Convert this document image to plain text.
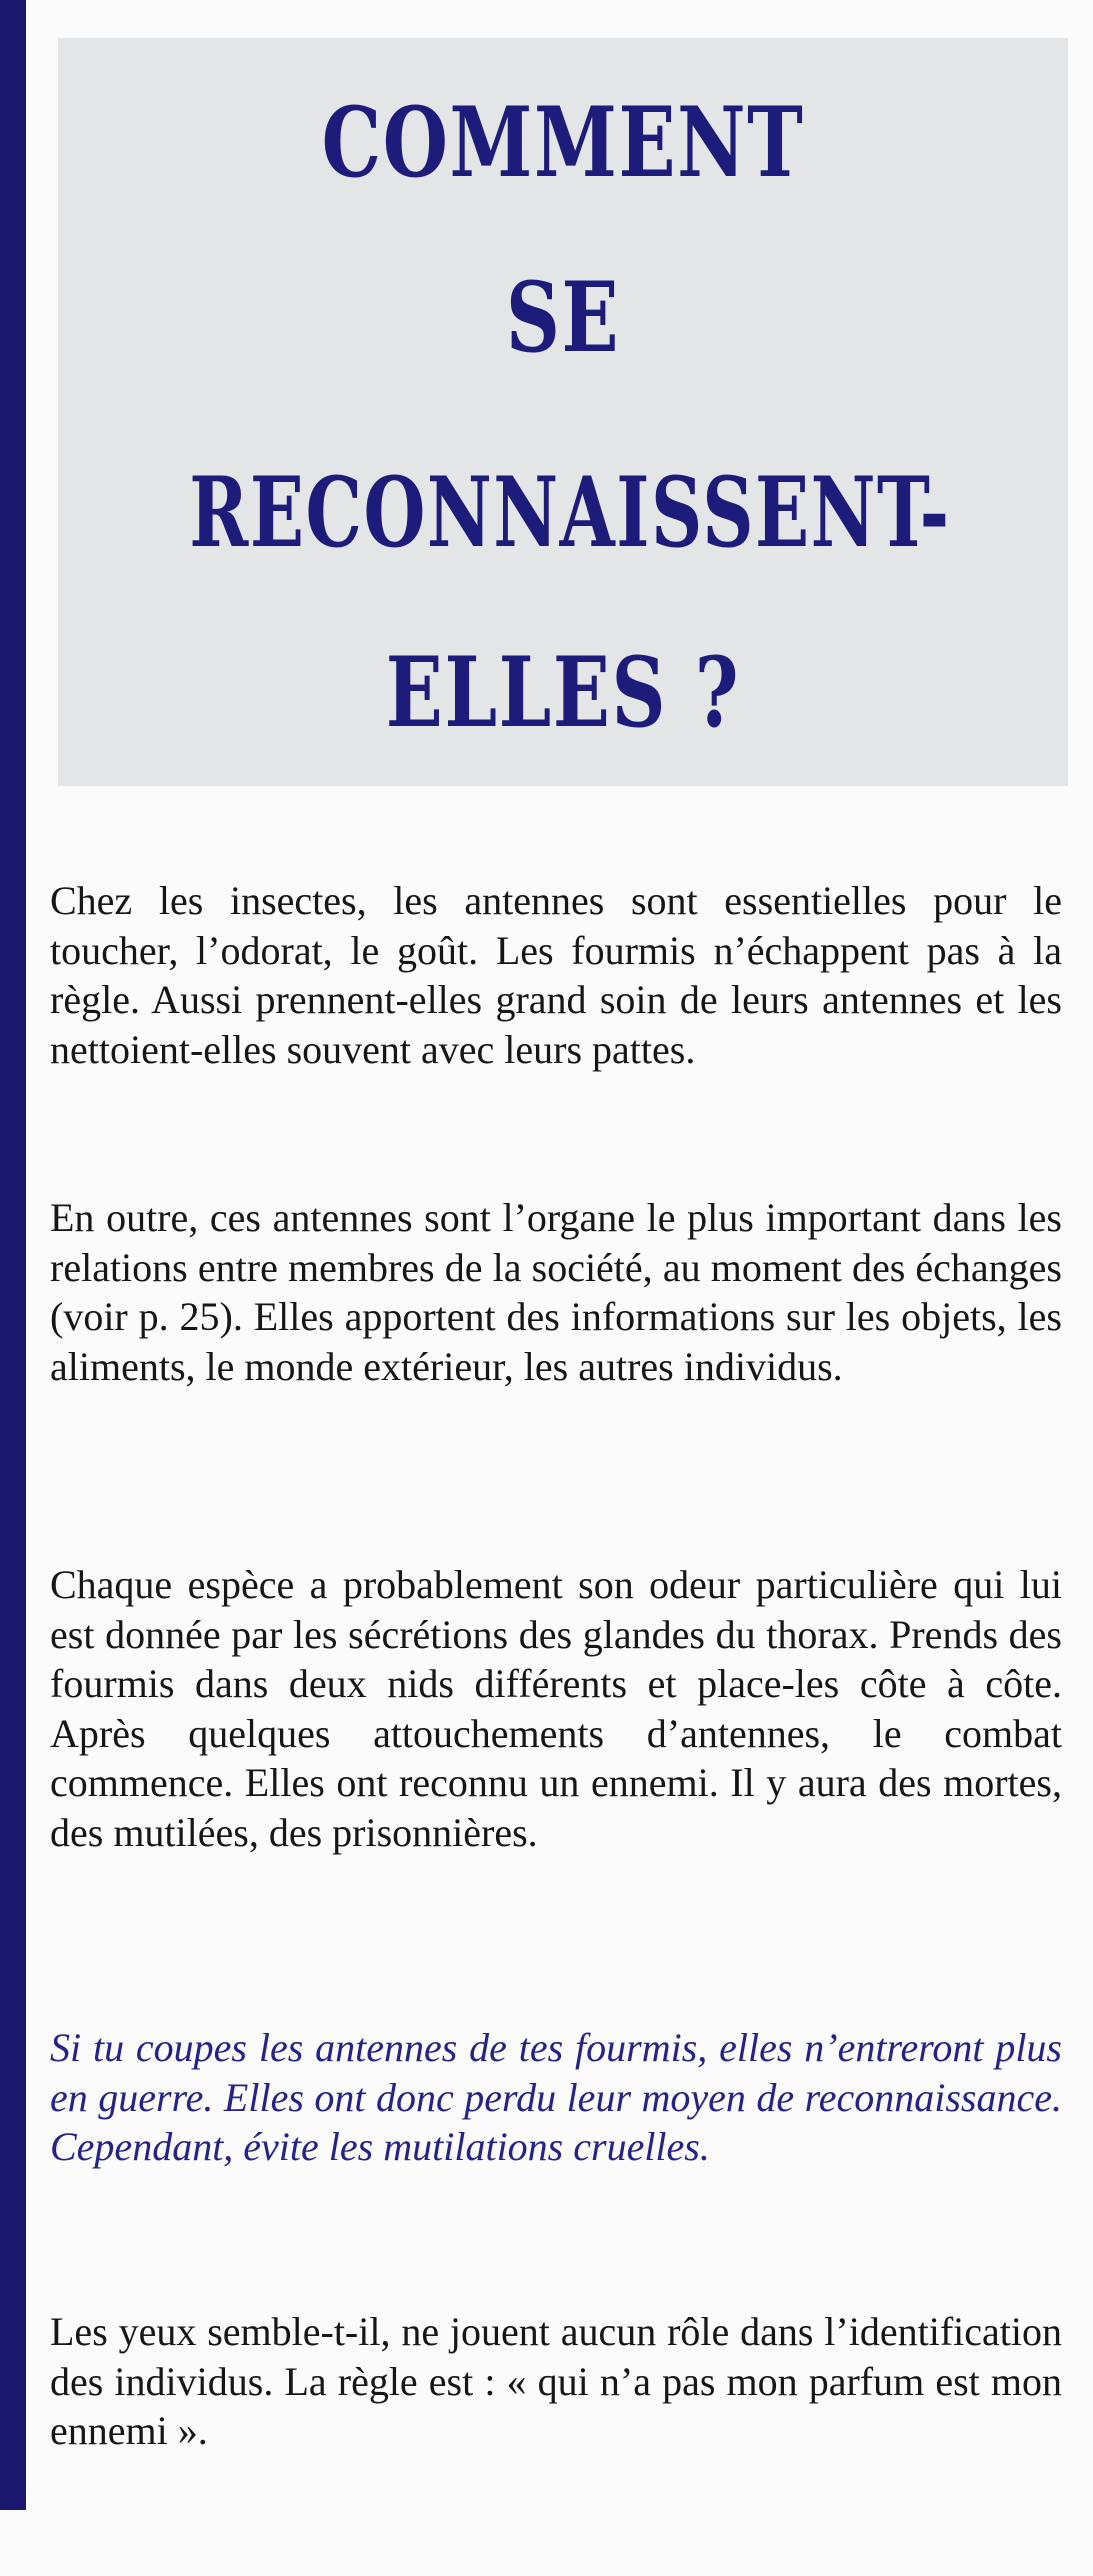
COMMENT
SE
RECONNAISSENT-
ELLES ?

Chez les insectes, les antennes sont essentielles pour le toucher, l’odorat, le goût. Les fourmis n’échappent pas à la règle. Aussi prennent-elles grand soin de leurs antennes et les nettoient-elles souvent avec leurs pattes.

En outre, ces antennes sont l’organe le plus important dans les relations entre membres de la société, au moment des échanges (voir p. 25). Elles apportent des informations sur les objets, les aliments, le monde extérieur, les autres individus.

Chaque espèce a probablement son odeur particulière qui lui est donnée par les sécrétions des glandes du thorax. Prends des fourmis dans deux nids différents et place-les côte à côte. Après quelques attouchements d’antennes, le combat commence. Elles ont reconnu un ennemi. Il y aura des mortes, des mutilées, des prisonnières.

Si tu coupes les antennes de tes fourmis, elles n’entreront plus en guerre. Elles ont donc perdu leur moyen de reconnaissance. Cependant, évite les mutilations cruelles.

Les yeux semble-t-il, ne jouent aucun rôle dans l’identification des individus. La règle est : « qui n’a pas mon parfum est mon ennemi ».
